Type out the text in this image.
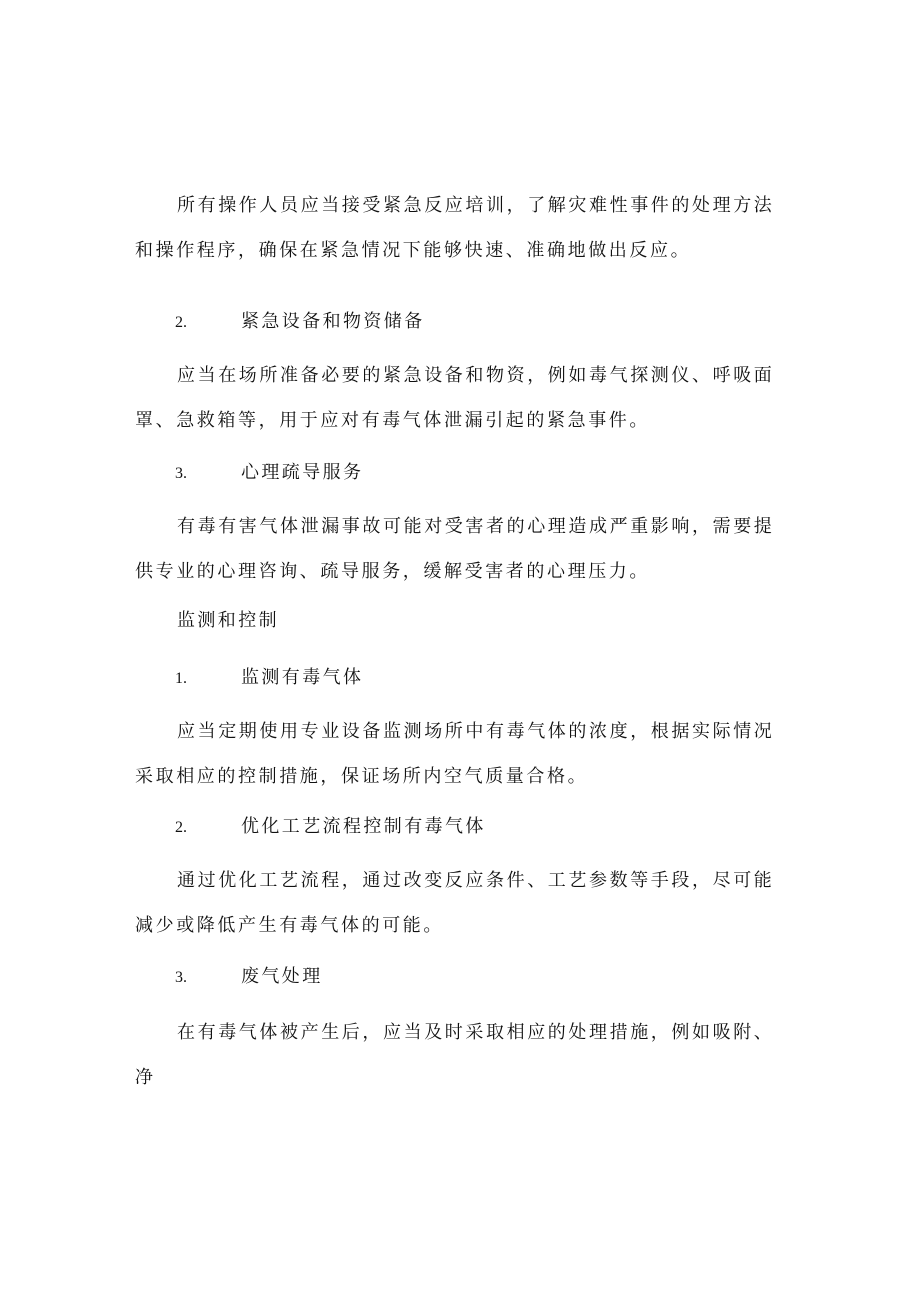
所有操作人员应当接受紧急反应培训，了解灾难性事件的处理方法和操作程序，确保在紧急情况下能够快速、准确地做出反应。

2.	紧急设备和物资储备

应当在场所准备必要的紧急设备和物资，例如毒气探测仪、呼吸面罩、急救箱等，用于应对有毒气体泄漏引起的紧急事件。

3.	心理疏导服务

有毒有害气体泄漏事故可能对受害者的心理造成严重影响，需要提供专业的心理咨询、疏导服务，缓解受害者的心理压力。

监测和控制
1.	监测有毒气体

应当定期使用专业设备监测场所中有毒气体的浓度，根据实际情况采取相应的控制措施，保证场所内空气质量合格。

2.	优化工艺流程控制有毒气体

通过优化工艺流程，通过改变反应条件、工艺参数等手段，尽可能减少或降低产生有毒气体的可能。

3.	废气处理

在有毒气体被产生后，应当及时采取相应的处理措施，例如吸附、净
